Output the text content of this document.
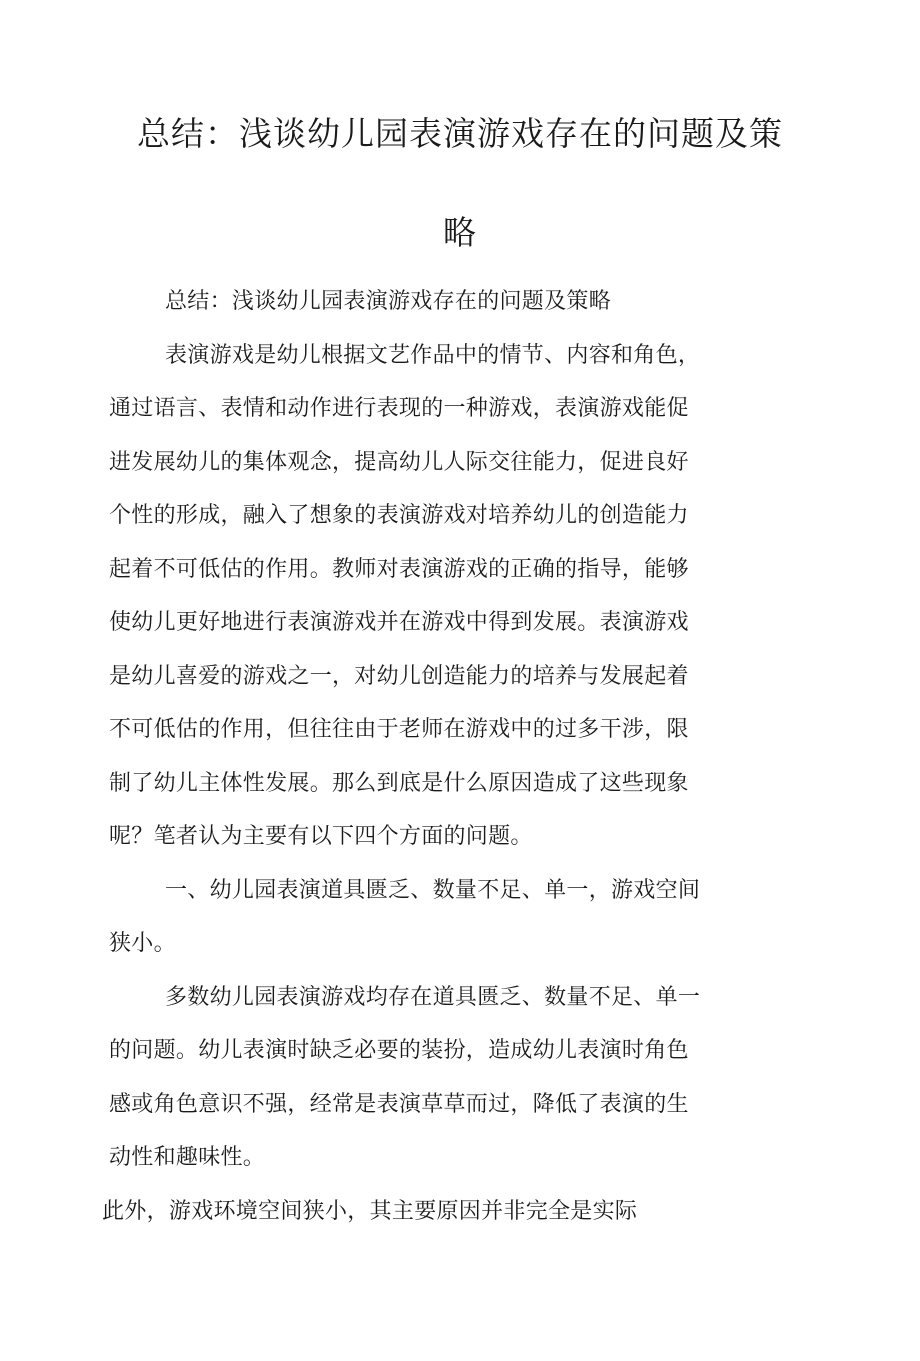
总结：浅谈幼儿园表演游戏存在的问题及策
略
总结：浅谈幼儿园表演游戏存在的问题及策略
表演游戏是幼儿根据文艺作品中的情节、内容和角色，
通过语言、表情和动作进行表现的一种游戏，表演游戏能促
进发展幼儿的集体观念，提高幼儿人际交往能力，促进良好
个性的形成，融入了想象的表演游戏对培养幼儿的创造能力
起着不可低估的作用。教师对表演游戏的正确的指导，能够
使幼儿更好地进行表演游戏并在游戏中得到发展。表演游戏
是幼儿喜爱的游戏之一，对幼儿创造能力的培养与发展起着
不可低估的作用，但往往由于老师在游戏中的过多干涉，限
制了幼儿主体性发展。那么到底是什么原因造成了这些现象
呢？笔者认为主要有以下四个方面的问题。
一、幼儿园表演道具匮乏、数量不足、单一，游戏空间
狭小。
多数幼儿园表演游戏均存在道具匮乏、数量不足、单一
的问题。幼儿表演时缺乏必要的装扮，造成幼儿表演时角色
感或角色意识不强，经常是表演草草而过，降低了表演的生
动性和趣味性。
此外，游戏环境空间狭小，其主要原因并非完全是实际
